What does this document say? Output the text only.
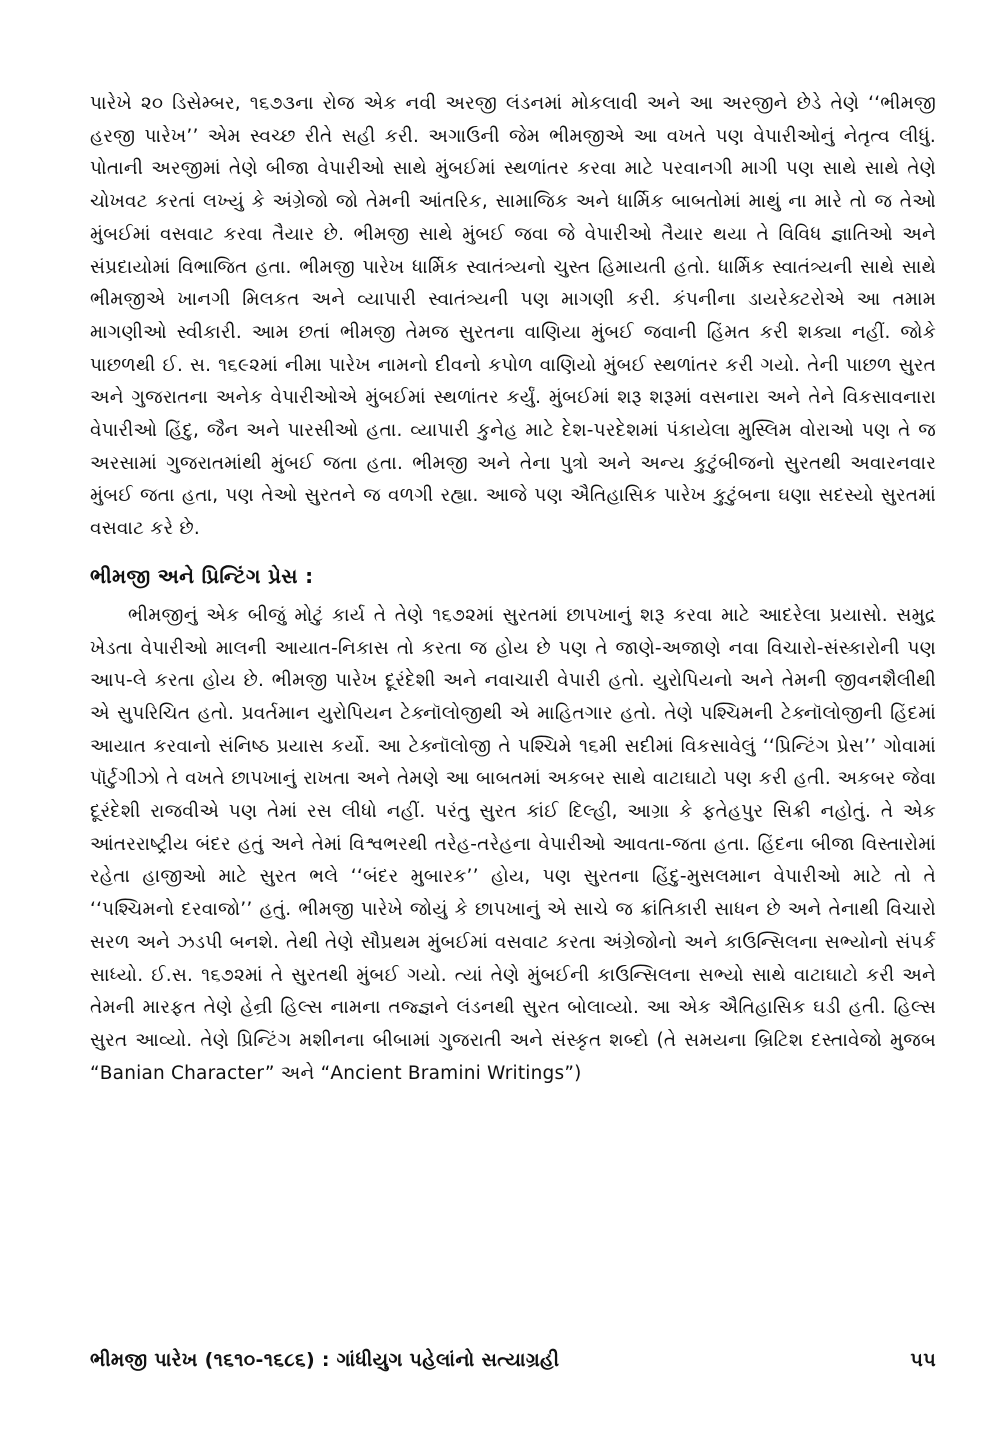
પારેખે ૨૦ ડિસેમ્બર, ૧૬૭૩ના રોજ એક નવી અરજી લંડનમાં મોકલાવી અને આ અરજીને છેડે તેણે ‘‘ભીમજી હરજી પારેખ’’ એમ સ્વચ્છ રીતે સહી કરી. અગાઉની જેમ ભીમજીએ આ વખતે પણ વેપારીઓનું નેતૃત્વ લીધું. પોતાની અરજીમાં તેણે બીજા વેપારીઓ સાથે મુંબઈમાં સ્થળાંતર કરવા માટે પરવાનગી માગી પણ સાથે સાથે તેણે ચોખવટ કરતાં લખ્યું કે અંગ્રેજો જો તેમની આંતરિક, સામાજિક અને ધાર્મિક બાબતોમાં માથું ના મારે તો જ તેઓ મુંબઈમાં વસવાટ કરવા તૈયાર છે. ભીમજી સાથે મુંબઈ જવા જે વેપારીઓ તૈયાર થયા તે વિવિધ જ્ઞાતિઓ અને સંપ્રદાયોમાં વિભાજિત હતા. ભીમજી પારેખ ધાર્મિક સ્વાતંત્ર્યનો ચુસ્ત હિમાયતી હતો. ધાર્મિક સ્વાતંત્ર્યની સાથે સાથે ભીમજીએ ખાનગી મિલકત અને વ્યાપારી સ્વાતંત્ર્યની પણ માગણી કરી. કંપનીના ડાયરેક્ટરોએ આ તમામ માગણીઓ સ્વીકારી. આમ છતાં ભીમજી તેમજ સુરતના વાણિયા મુંબઈ જવાની હિંમત કરી શક્યા નહીં. જોકે પાછળથી ઈ. સ. ૧૬૯૨માં નીમા પારેખ નામનો દીવનો કપોળ વાણિયો મુંબઈ સ્થળાંતર કરી ગયો. તેની પાછળ સુરત અને ગુજરાતના અનેક વેપારીઓએ મુંબઈમાં સ્થળાંતર કર્યું. મુંબઈમાં શરૂ શરૂમાં વસનારા અને તેને વિકસાવનારા વેપારીઓ હિંદુ, જૈન અને પારસીઓ હતા. વ્યાપારી કુનેહ માટે દેશ-પરદેશમાં પંકાયેલા મુસ્લિમ વોરાઓ પણ તે જ અરસામાં ગુજરાતમાંથી મુંબઈ જતા હતા. ભીમજી અને તેના પુત્રો અને અન્ય કુટુંબીજનો સુરતથી અવારનવાર મુંબઈ જતા હતા, પણ તેઓ સુરતને જ વળગી રહ્યા. આજે પણ ઐતિહાસિક પારેખ કુટુંબના ઘણા સદસ્યો સુરતમાં વસવાટ કરે છે.

ભીમજી અને પ્રિન્ટિંગ પ્રેસ :

ભીમજીનું એક બીજું મોટું કાર્ય તે તેણે ૧૬૭૨માં સુરતમાં છાપખાનું શરૂ કરવા માટે આદરેલા પ્રયાસો. સમુદ્ર ખેડતા વેપારીઓ માલની આયાત-નિકાસ તો કરતા જ હોય છે પણ તે જાણે-અજાણે નવા વિચારો-સંસ્કારોની પણ આપ-લે કરતા હોય છે. ભીમજી પારેખ દૂરંદેશી અને નવાચારી વેપારી હતો. યુરોપિયનો અને તેમની જીવનશૈલીથી એ સુપરિચિત હતો. પ્રવર્તમાન યુરોપિયન ટેક્નૉલોજીથી એ માહિતગાર હતો. તેણે પશ્ચિમની ટેક્નૉલોજીની હિંદમાં આયાત કરવાનો સંનિષ્ઠ પ્રયાસ કર્યો. આ ટેક્નૉલોજી તે પશ્ચિમે ૧૬મી સદીમાં વિકસાવેલું ‘‘પ્રિન્ટિંગ પ્રેસ’’ ગોવામાં પૉર્ટુગીઝો તે વખતે છાપખાનું રાખતા અને તેમણે આ બાબતમાં અકબર સાથે વાટાઘાટો પણ કરી હતી. અકબર જેવા દૂરંદેશી રાજવીએ પણ તેમાં રસ લીધો નહીં. પરંતુ સુરત કાંઈ દિલ્હી, આગ્રા કે ફતેહપુર સિક્રી નહોતું. તે એક આંતરરાષ્ટ્રીય બંદર હતું અને તેમાં વિશ્વભરથી તરેહ-તરેહના વેપારીઓ આવતા-જતા હતા. હિંદના બીજા વિસ્તારોમાં રહેતા હાજીઓ માટે સુરત ભલે ‘‘બંદર મુબારક’’ હોય, પણ સુરતના હિંદુ-મુસલમાન વેપારીઓ માટે તો તે ‘‘પશ્ચિમનો દરવાજો’’ હતું. ભીમજી પારેખે જોયું કે છાપખાનું એ સાચે જ ક્રાંતિકારી સાધન છે અને તેનાથી વિચારો સરળ અને ઝડપી બનશે. તેથી તેણે સૌપ્રથમ મુંબઈમાં વસવાટ કરતા અંગ્રેજોનો અને કાઉન્સિલના સભ્યોનો સંપર્ક સાધ્યો. ઈ.સ. ૧૬૭૨માં તે સુરતથી મુંબઈ ગયો. ત્યાં તેણે મુંબઈની કાઉન્સિલના સભ્યો સાથે વાટાઘાટો કરી અને તેમની મારફત તેણે હેન્રી હિલ્સ નામના તજ્જ્ઞને લંડનથી સુરત બોલાવ્યો. આ એક ઐતિહાસિક ઘડી હતી. હિલ્સ સુરત આવ્યો. તેણે પ્રિન્ટિંગ મશીનના બીબામાં ગુજરાતી અને સંસ્કૃત શબ્દો (તે સમયના બ્રિટિશ દસ્તાવેજો મુજબ “Banian Character” અને “Ancient Bramini Writings”)

ભીમજી પારેખ (૧૬૧૦-૧૬૮૬) : ગાંધીયુગ પહેલાંનો સત્યાગ્રહી	૫૫
